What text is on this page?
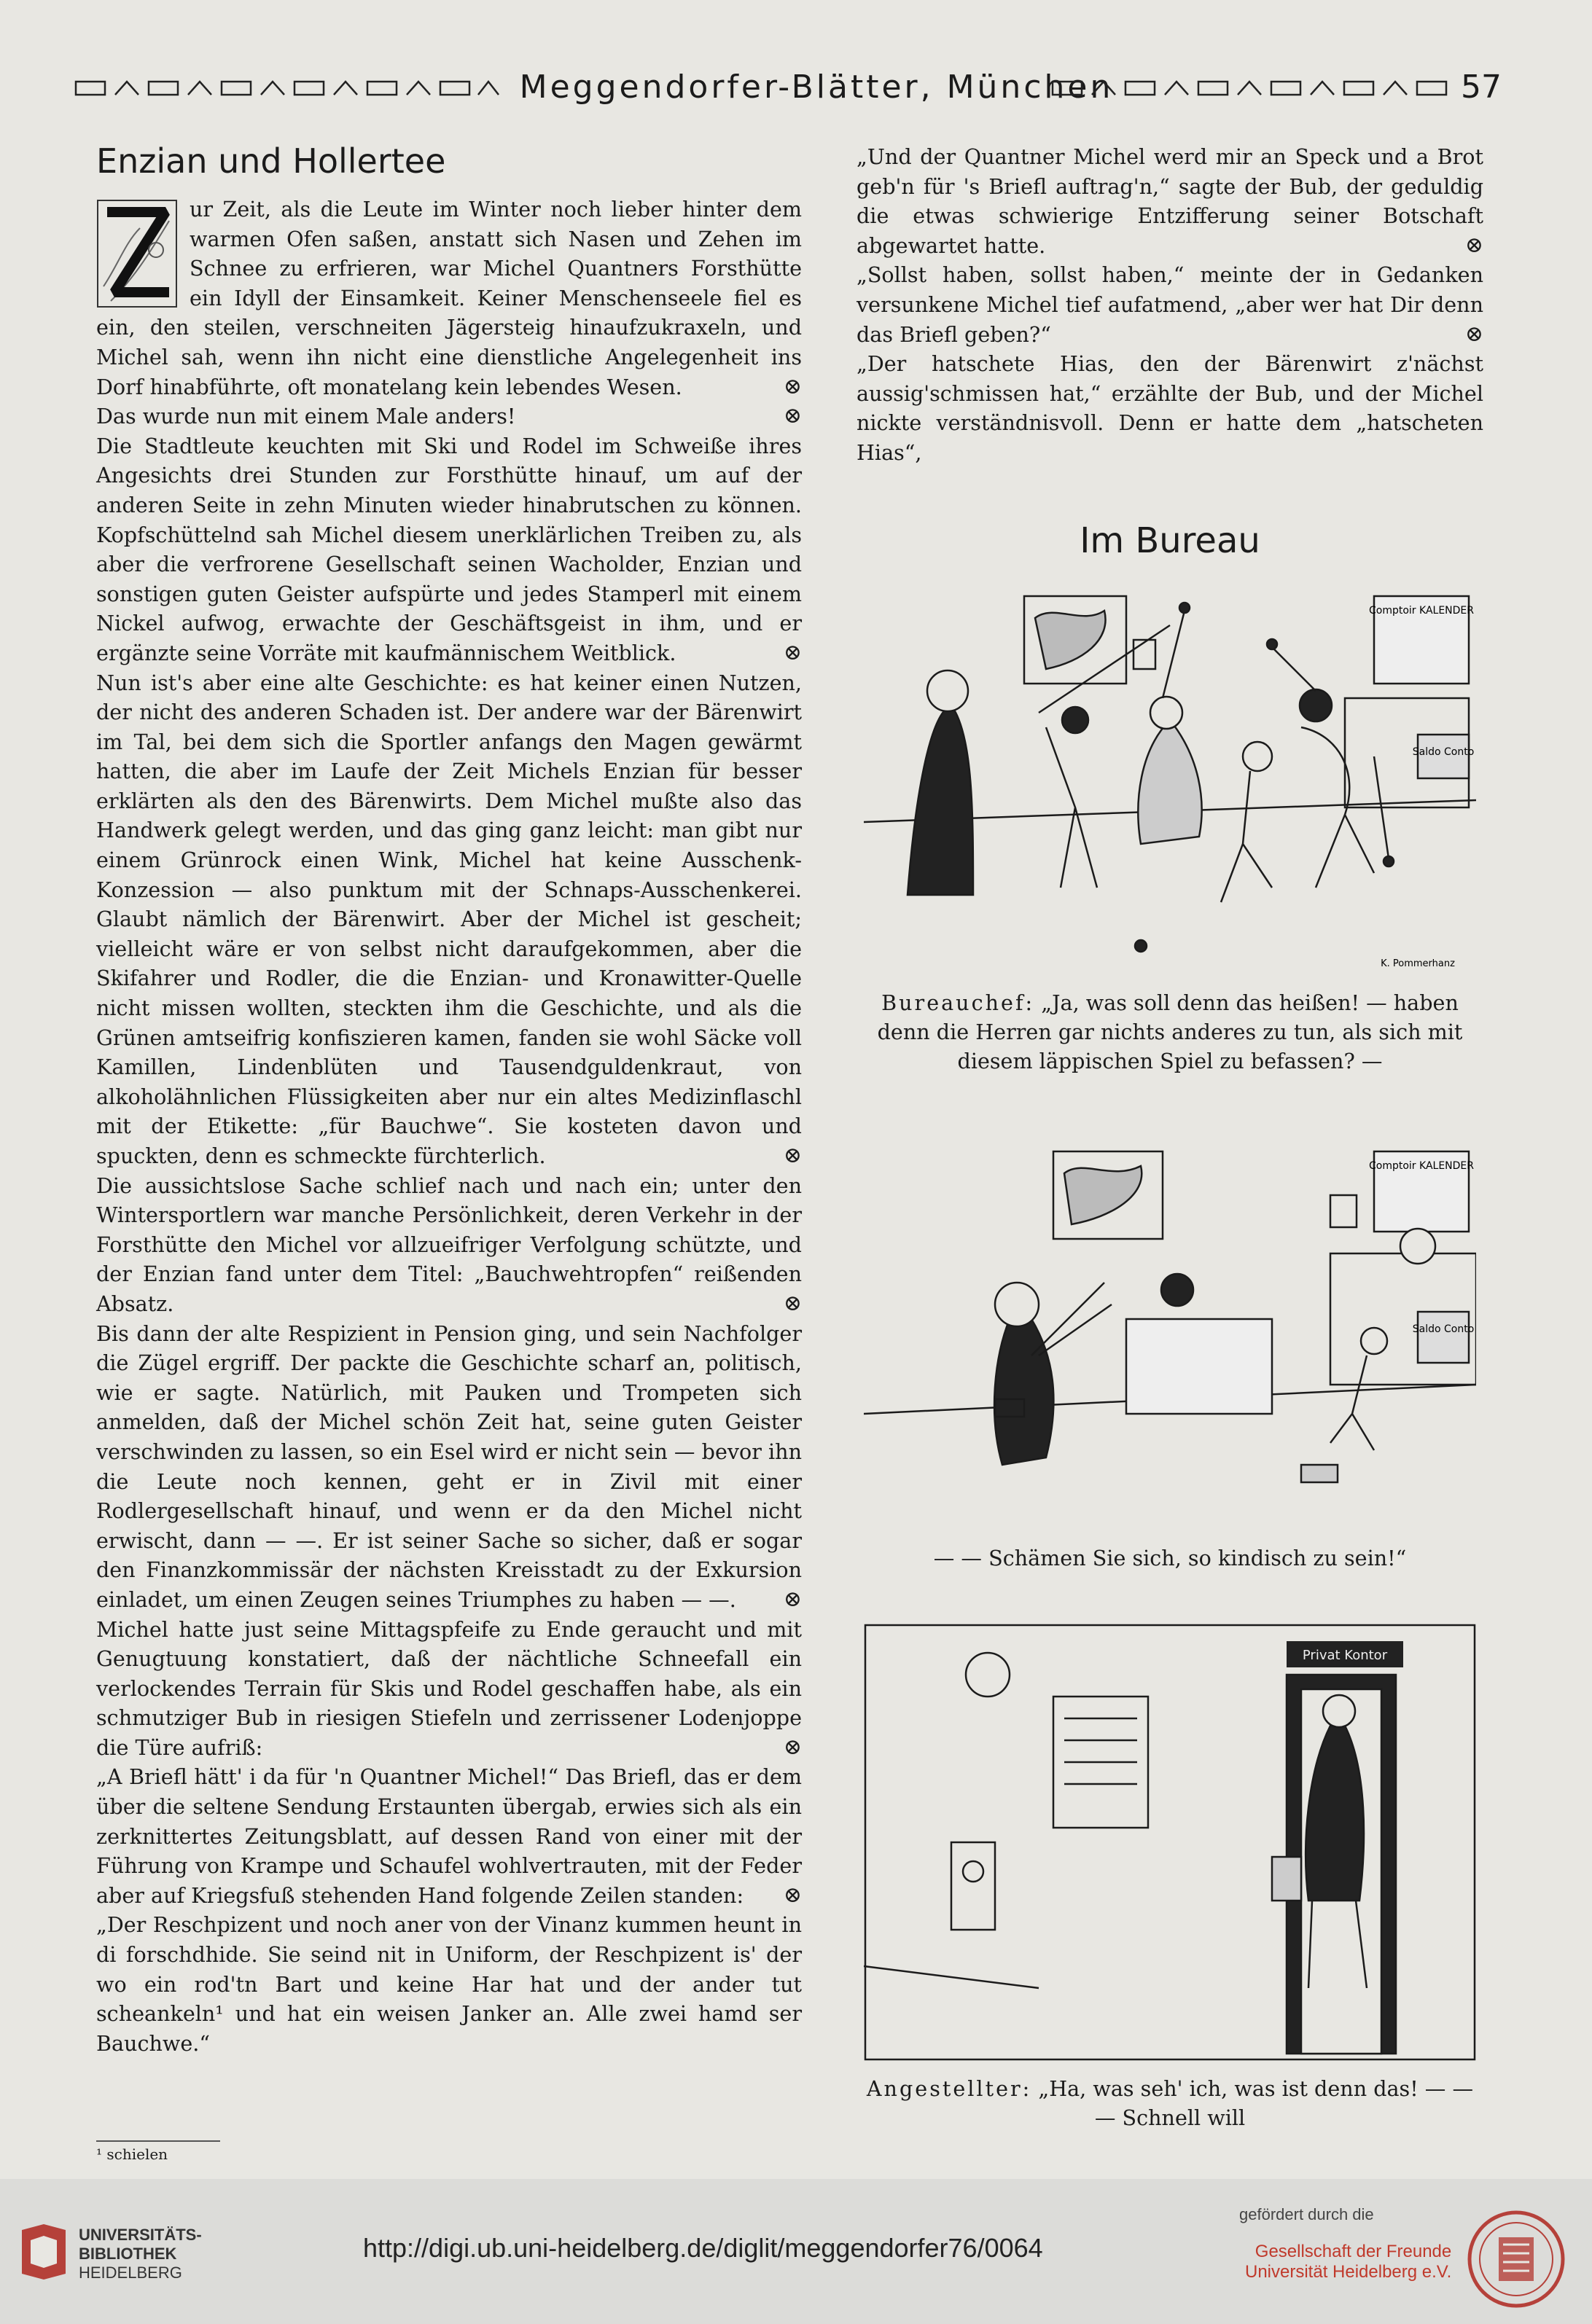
Meggendorfer-Blätter, München	57
Enzian und Hollertee

ur Zeit, als die Leute im Winter noch lieber hinter dem warmen Ofen saßen, anstatt sich Nasen und Zehen im Schnee zu erfrieren, war Michel Quantners Forsthütte ein Idyll der Einsamkeit. Keiner Menschenseele fiel es ein, den steilen, verschneiten Jägersteig hinaufzukraxeln, und Michel sah, wenn ihn nicht eine dienstliche Angelegenheit ins Dorf hinabführte, oft monatelang kein lebendes Wesen.	⊗

Das wurde nun mit einem Male anders!	⊗

Die Stadtleute keuchten mit Ski und Rodel im Schweiße ihres Angesichts drei Stunden zur Forsthütte hinauf, um auf der anderen Seite in zehn Minuten wieder hinabrutschen zu können. Kopfschüttelnd sah Michel diesem unerklärlichen Treiben zu, als aber die verfrorene Gesellschaft seinen Wacholder, Enzian und sonstigen guten Geister aufspürte und jedes Stamperl mit einem Nickel aufwog, erwachte der Geschäftsgeist in ihm, und er ergänzte seine Vorräte mit kaufmännischem Weitblick.	⊗

Nun ist's aber eine alte Geschichte: es hat keiner einen Nutzen, der nicht des anderen Schaden ist. Der andere war der Bärenwirt im Tal, bei dem sich die Sportler anfangs den Magen gewärmt hatten, die aber im Laufe der Zeit Michels Enzian für besser erklärten als den des Bärenwirts. Dem Michel mußte also das Handwerk gelegt werden, und das ging ganz leicht: man gibt nur einem Grünrock einen Wink, Michel hat keine Ausschenk-Konzession — also punktum mit der Schnaps-Ausschenkerei. Glaubt nämlich der Bärenwirt. Aber der Michel ist gescheit; vielleicht wäre er von selbst nicht daraufgekommen, aber die Skifahrer und Rodler, die die Enzian- und Kronawitter-Quelle nicht missen wollten, steckten ihm die Geschichte, und als die Grünen amtseifrig konfiszieren kamen, fanden sie wohl Säcke voll Kamillen, Lindenblüten und Tausendguldenkraut, von alkoholähnlichen Flüssigkeiten aber nur ein altes Medizinflaschl mit der Etikette: „für Bauchwe“. Sie kosteten davon und spuckten, denn es schmeckte fürchterlich.	⊗

Die aussichtslose Sache schlief nach und nach ein; unter den Wintersportlern war manche Persönlichkeit, deren Verkehr in der Forsthütte den Michel vor allzueifriger Verfolgung schützte, und der Enzian fand unter dem Titel: „Bauchwehtropfen“ reißenden Absatz.	⊗

Bis dann der alte Respizient in Pension ging, und sein Nachfolger die Zügel ergriff. Der packte die Geschichte scharf an, politisch, wie er sagte. Natürlich, mit Pauken und Trompeten sich anmelden, daß der Michel schön Zeit hat, seine guten Geister verschwinden zu lassen, so ein Esel wird er nicht sein — bevor ihn die Leute noch kennen, geht er in Zivil mit einer Rodlergesellschaft hinauf, und wenn er da den Michel nicht erwischt, dann — —. Er ist seiner Sache so sicher, daß er sogar den Finanzkommissär der nächsten Kreisstadt zu der Exkursion einladet, um einen Zeugen seines Triumphes zu haben — —. ⊗

Michel hatte just seine Mittagspfeife zu Ende geraucht und mit Genugtuung konstatiert, daß der nächtliche Schneefall ein verlockendes Terrain für Skis und Rodel geschaffen habe, als ein schmutziger Bub in riesigen Stiefeln und zerrissener Lodenjoppe die Türe aufriß:	⊗

„A Briefl hätt' i da für 'n Quantner Michel!“ Das Briefl, das er dem über die seltene Sendung Erstaunten übergab, erwies sich als ein zerknittertes Zeitungsblatt, auf dessen Rand von einer mit der Führung von Krampe und Schaufel wohlvertrauten, mit der Feder aber auf Kriegsfuß stehenden Hand folgende Zeilen standen: ⊗

„Der Reschpizent und noch aner von der Vinanz kummen heunt in di forschdhide. Sie seind nit in Uniform, der Reschpizent is' der wo ein rod'tn Bart und keine Har hat und der ander tut scheankeln¹ und hat ein weisen Janker an. Alle zwei hamd ser Bauchwe.“

„Und der Quantner Michel werd mir an Speck und a Brot geb'n für 's Briefl auftrag'n,“ sagte der Bub, der geduldig die etwas schwierige Entzifferung seiner Botschaft abgewartet hatte.	⊗

„Sollst haben, sollst haben,“ meinte der in Gedanken versunkene Michel tief aufatmend, „aber wer hat Dir denn das Briefl geben?“	⊗

„Der hatschete Hias, den der Bärenwirt z'nächst aussig'schmissen hat,“ erzählte der Bub, und der Michel nickte verständnisvoll. Denn er hatte dem „hatscheten Hias“,

Im Bureau
Comptoir KALENDER
Saldo Conto
K. Pommerhanz
Bureauchef: „Ja, was soll denn das heißen! — haben denn die Herren gar nichts anderes zu tun, als sich mit diesem läppischen Spiel zu befassen? —
Comptoir KALENDER
Saldo Conto
— — Schämen Sie sich, so kindisch zu sein!“
Privat Kontor
Angestellter: „Ha, was seh' ich, was ist denn das! — — — Schnell will
¹ schielen
UNIVERSITÄTS-
BIBLIOTHEK
HEIDELBERG
http://digi.ub.uni-heidelberg.de/diglit/meggendorfer76/0064
gefördert durch die
Gesellschaft der Freunde
Universität Heidelberg e.V.
